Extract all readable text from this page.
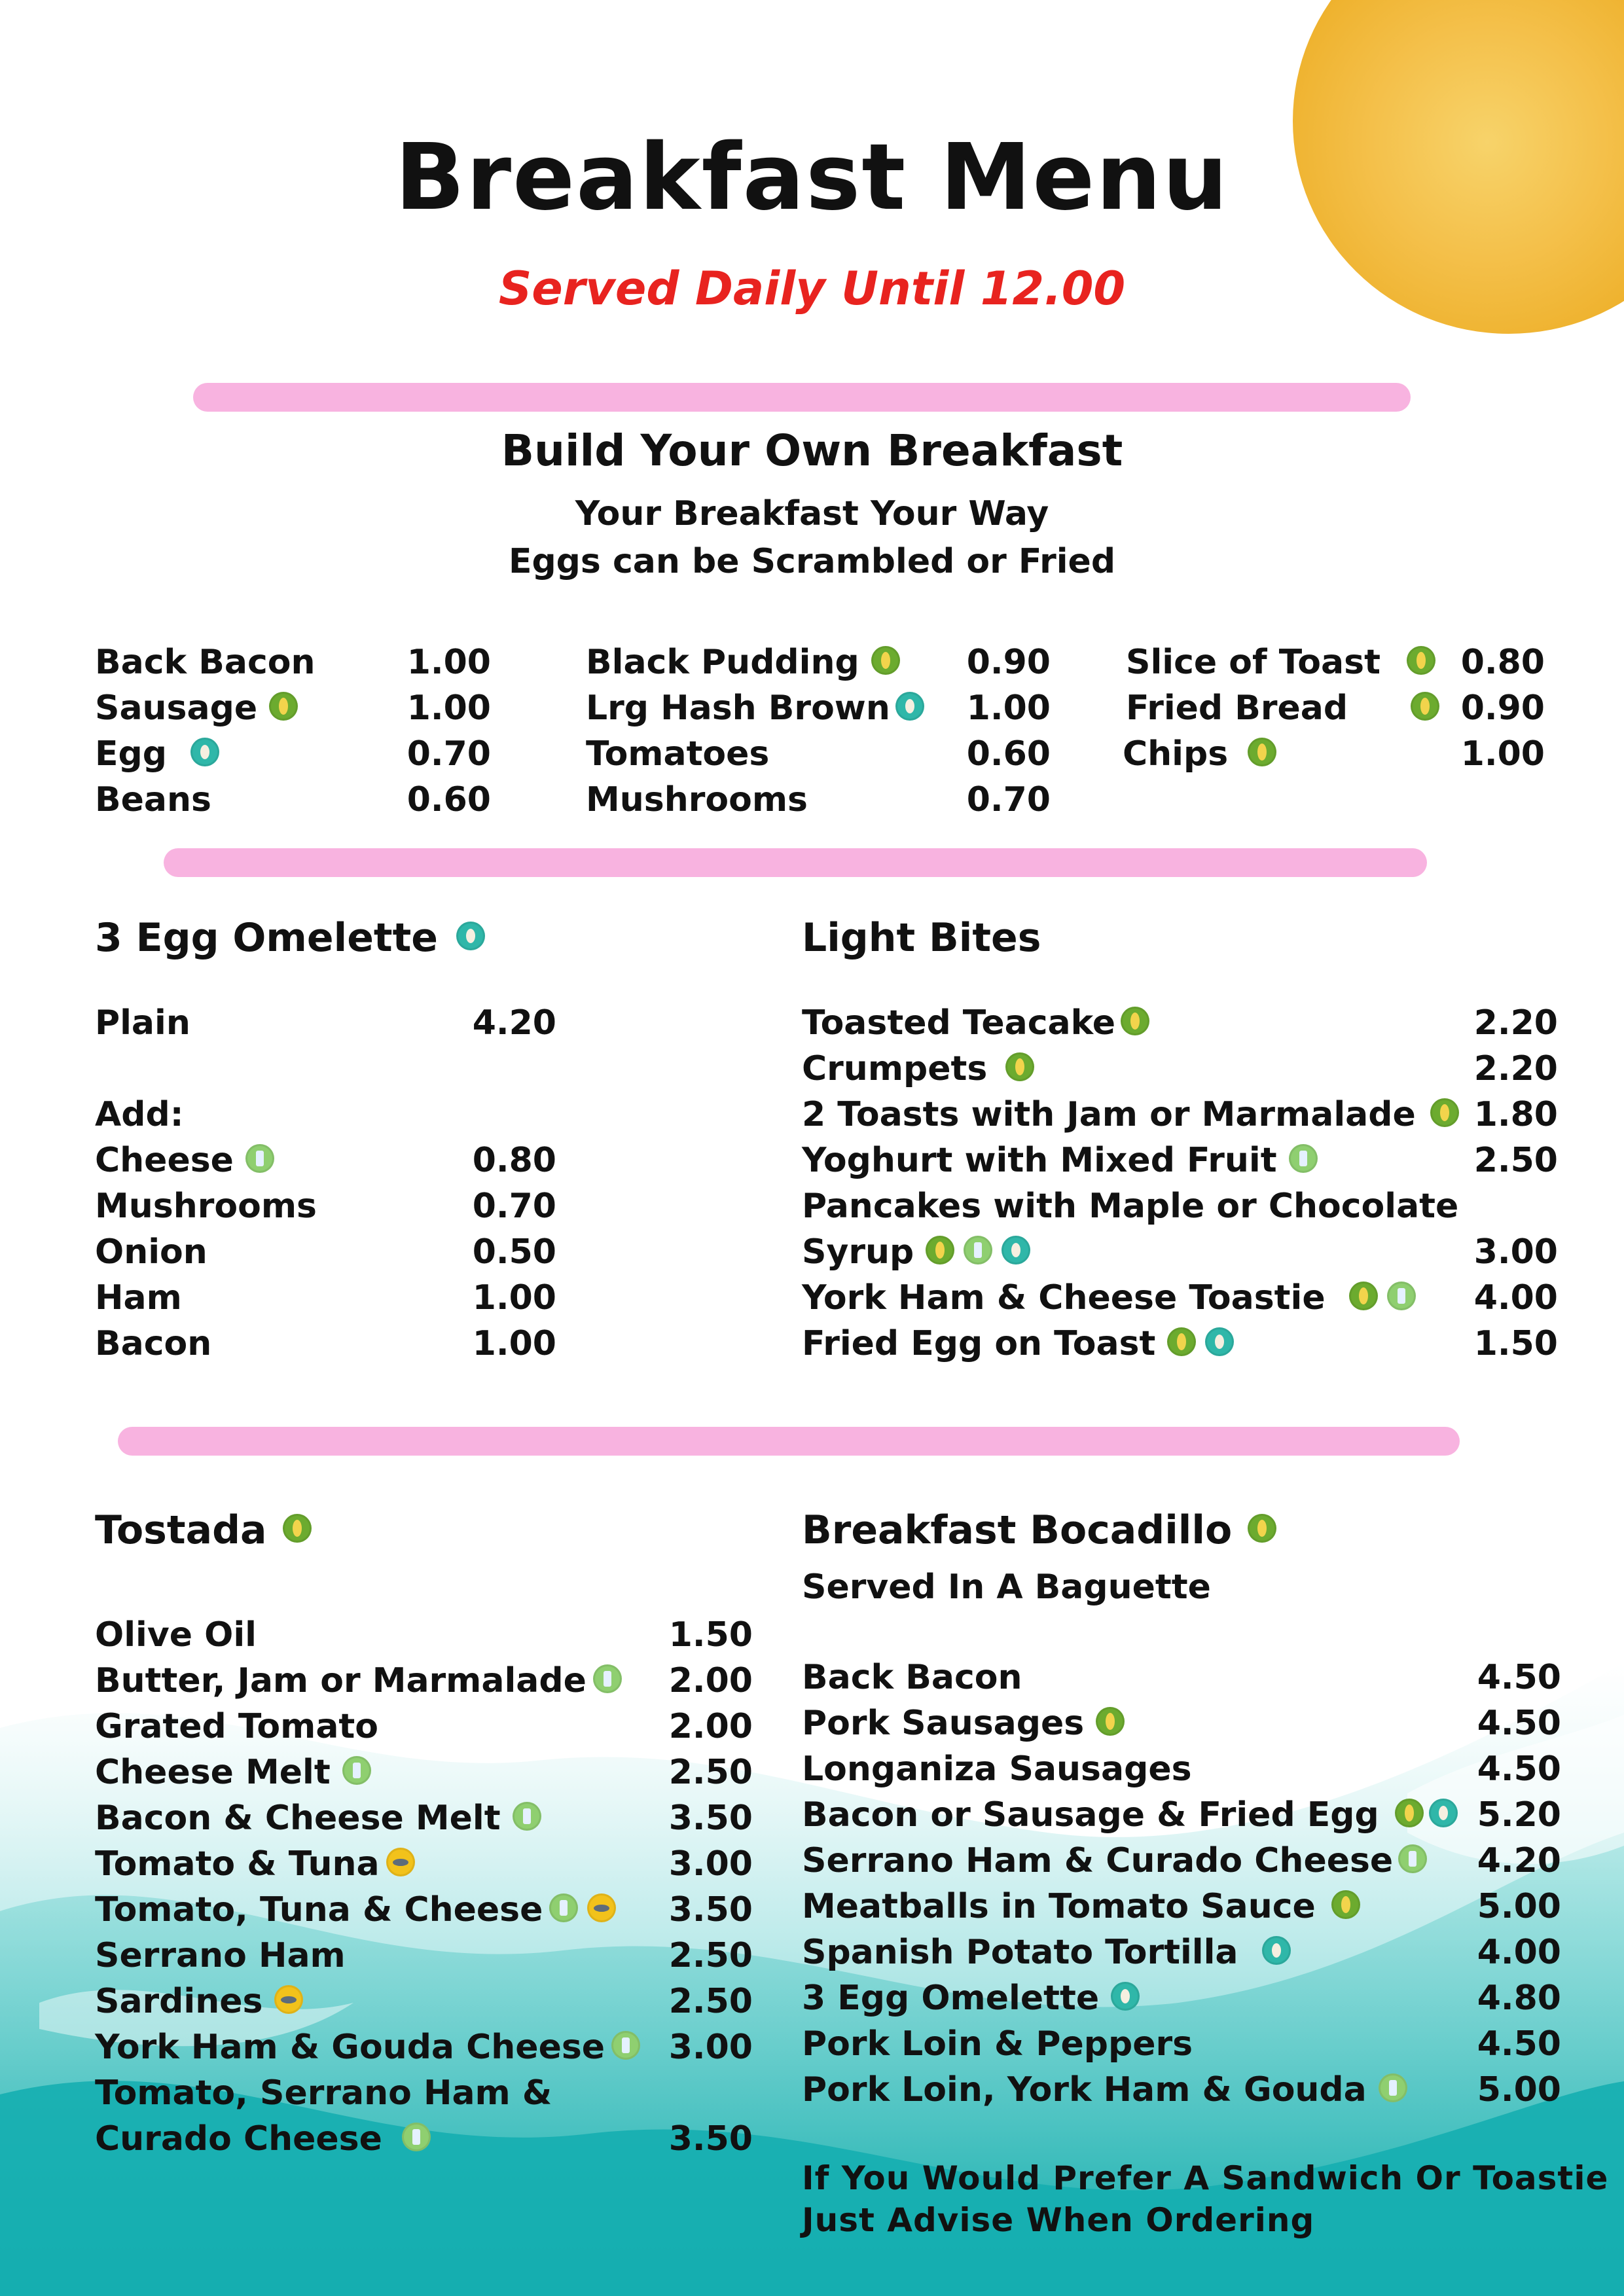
Breakfast Menu
Served Daily Until 12.00
Build Your Own Breakfast
Your Breakfast Your Way
Eggs can be Scrambled or Fried
Back Bacon	1.00
Sausage	1.00
Egg	0.70
Beans	0.60
Black Pudding	0.90
Lrg Hash Brown	1.00
Tomatoes	0.60
Mushrooms	0.70
Slice of Toast	0.80
Fried Bread	0.90
Chips	1.00
3 Egg Omelette
Plain	4.20
Add:
Cheese	0.80
Mushrooms	0.70
Onion	0.50
Ham	1.00
Bacon	1.00
Light Bites
Toasted Teacake	2.20
Crumpets	2.20
2 Toasts with Jam or Marmalade	1.80
Yoghurt with Mixed Fruit	2.50
Pancakes with Maple or Chocolate
Syrup	3.00
York Ham & Cheese Toastie	4.00
Fried Egg on Toast	1.50
Tostada
Olive Oil	1.50
Butter, Jam or Marmalade	2.00
Grated Tomato	2.00
Cheese Melt	2.50
Bacon & Cheese Melt	3.50
Tomato & Tuna	3.00
Tomato, Tuna & Cheese	3.50
Serrano Ham	2.50
Sardines	2.50
York Ham & Gouda Cheese	3.00
Tomato, Serrano Ham &
Curado Cheese	3.50
Breakfast Bocadillo
Served In A Baguette
Back Bacon	4.50
Pork Sausages	4.50
Longaniza Sausages	4.50
Bacon or Sausage & Fried Egg	5.20
Serrano Ham & Curado Cheese	4.20
Meatballs in Tomato Sauce	5.00
Spanish Potato Tortilla	4.00
3 Egg Omelette	4.80
Pork Loin & Peppers	4.50
Pork Loin, York Ham & Gouda	5.00
If You Would Prefer A Sandwich Or Toastie
Just Advise When Ordering
